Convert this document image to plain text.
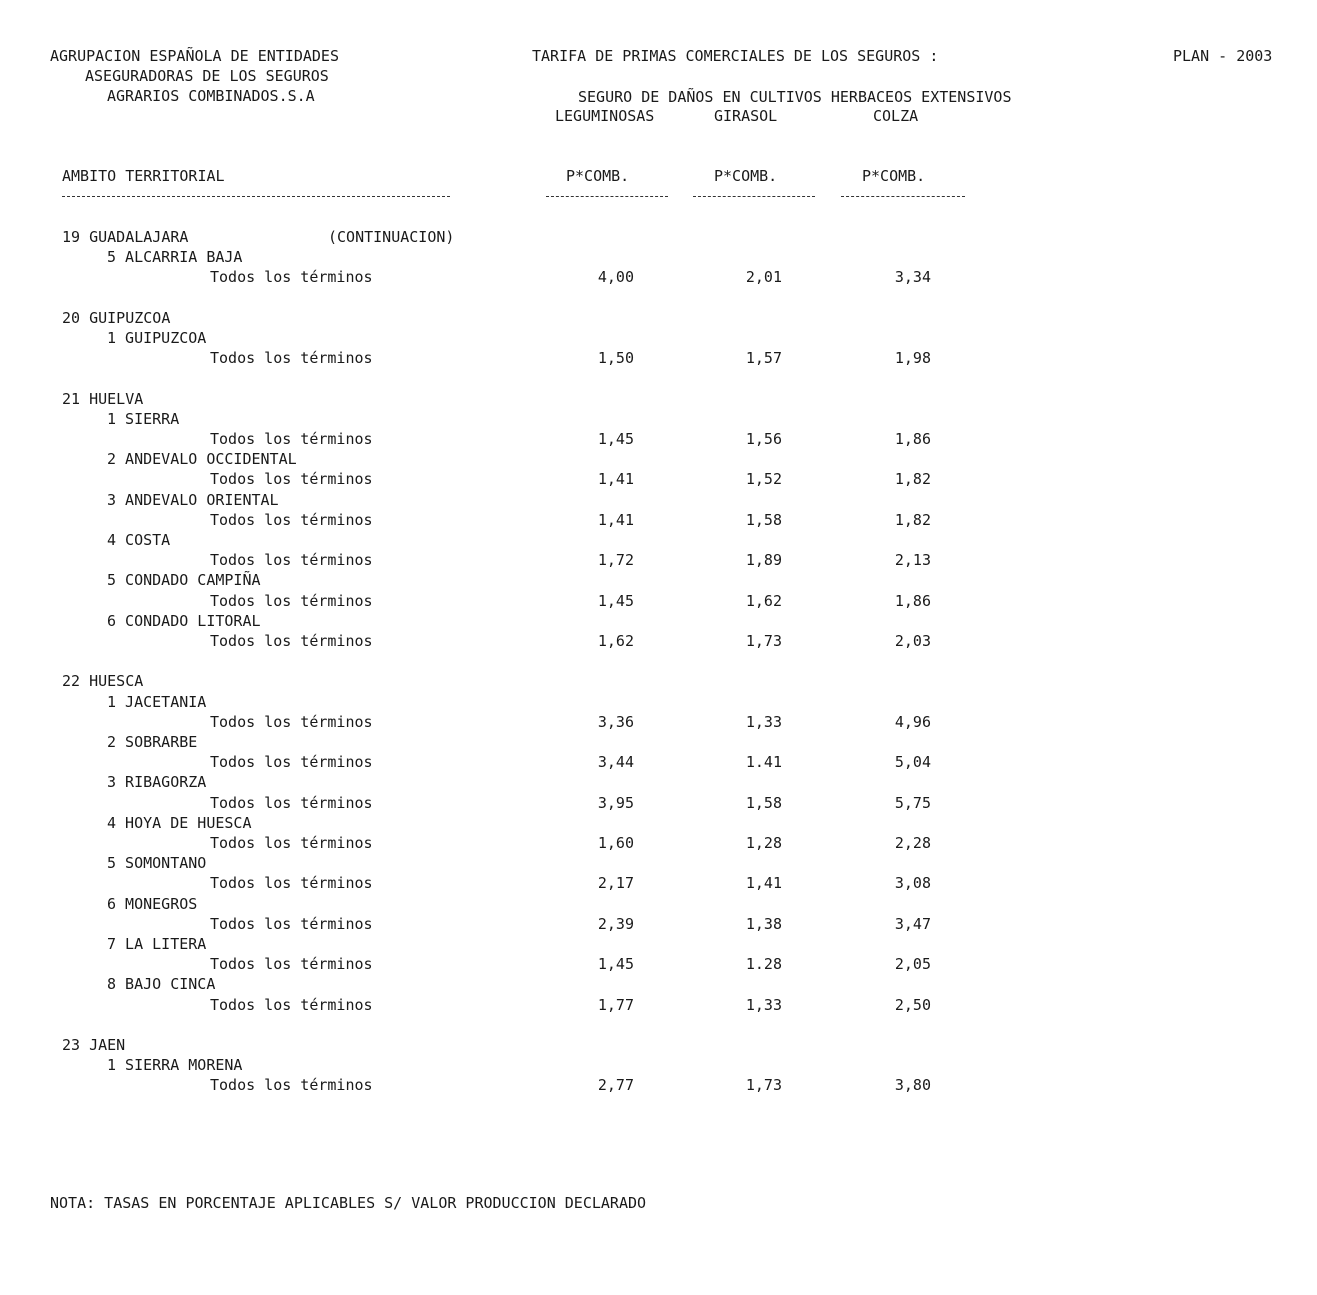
AGRUPACION ESPAÑOLA DE ENTIDADES
ASEGURADORAS DE LOS SEGUROS
AGRARIOS COMBINADOS.S.A
TARIFA DE PRIMAS COMERCIALES DE LOS SEGUROS :	PLAN - 2003
SEGURO DE DAÑOS EN CULTIVOS HERBACEOS EXTENSIVOS
LEGUMINOSAS	GIRASOL	COLZA
AMBITO TERRITORIAL	P*COMB.	P*COMB.	P*COMB.
19 GUADALAJARA	(CONTINUACION)
5 ALCARRIA BAJA
Todos los términos	4,00	2,01	3,34
20 GUIPUZCOA
1 GUIPUZCOA
Todos los términos	1,50	1,57	1,98
21 HUELVA
1 SIERRA
Todos los términos	1,45	1,56	1,86
2 ANDEVALO OCCIDENTAL
Todos los términos	1,41	1,52	1,82
3 ANDEVALO ORIENTAL
Todos los términos	1,41	1,58	1,82
4 COSTA
Todos los términos	1,72	1,89	2,13
5 CONDADO CAMPIÑA
Todos los términos	1,45	1,62	1,86
6 CONDADO LITORAL
Todos los términos	1,62	1,73	2,03
22 HUESCA
1 JACETANIA
Todos los términos	3,36	1,33	4,96
2 SOBRARBE
Todos los términos	3,44	1.41	5,04
3 RIBAGORZA
Todos los términos	3,95	1,58	5,75
4 HOYA DE HUESCA
Todos los términos	1,60	1,28	2,28
5 SOMONTANO
Todos los términos	2,17	1,41	3,08
6 MONEGROS
Todos los términos	2,39	1,38	3,47
7 LA LITERA
Todos los términos	1,45	1.28	2,05
8 BAJO CINCA
Todos los términos	1,77	1,33	2,50
23 JAEN
1 SIERRA MORENA
Todos los términos	2,77	1,73	3,80
NOTA: TASAS EN PORCENTAJE APLICABLES S/ VALOR PRODUCCION DECLARADO
